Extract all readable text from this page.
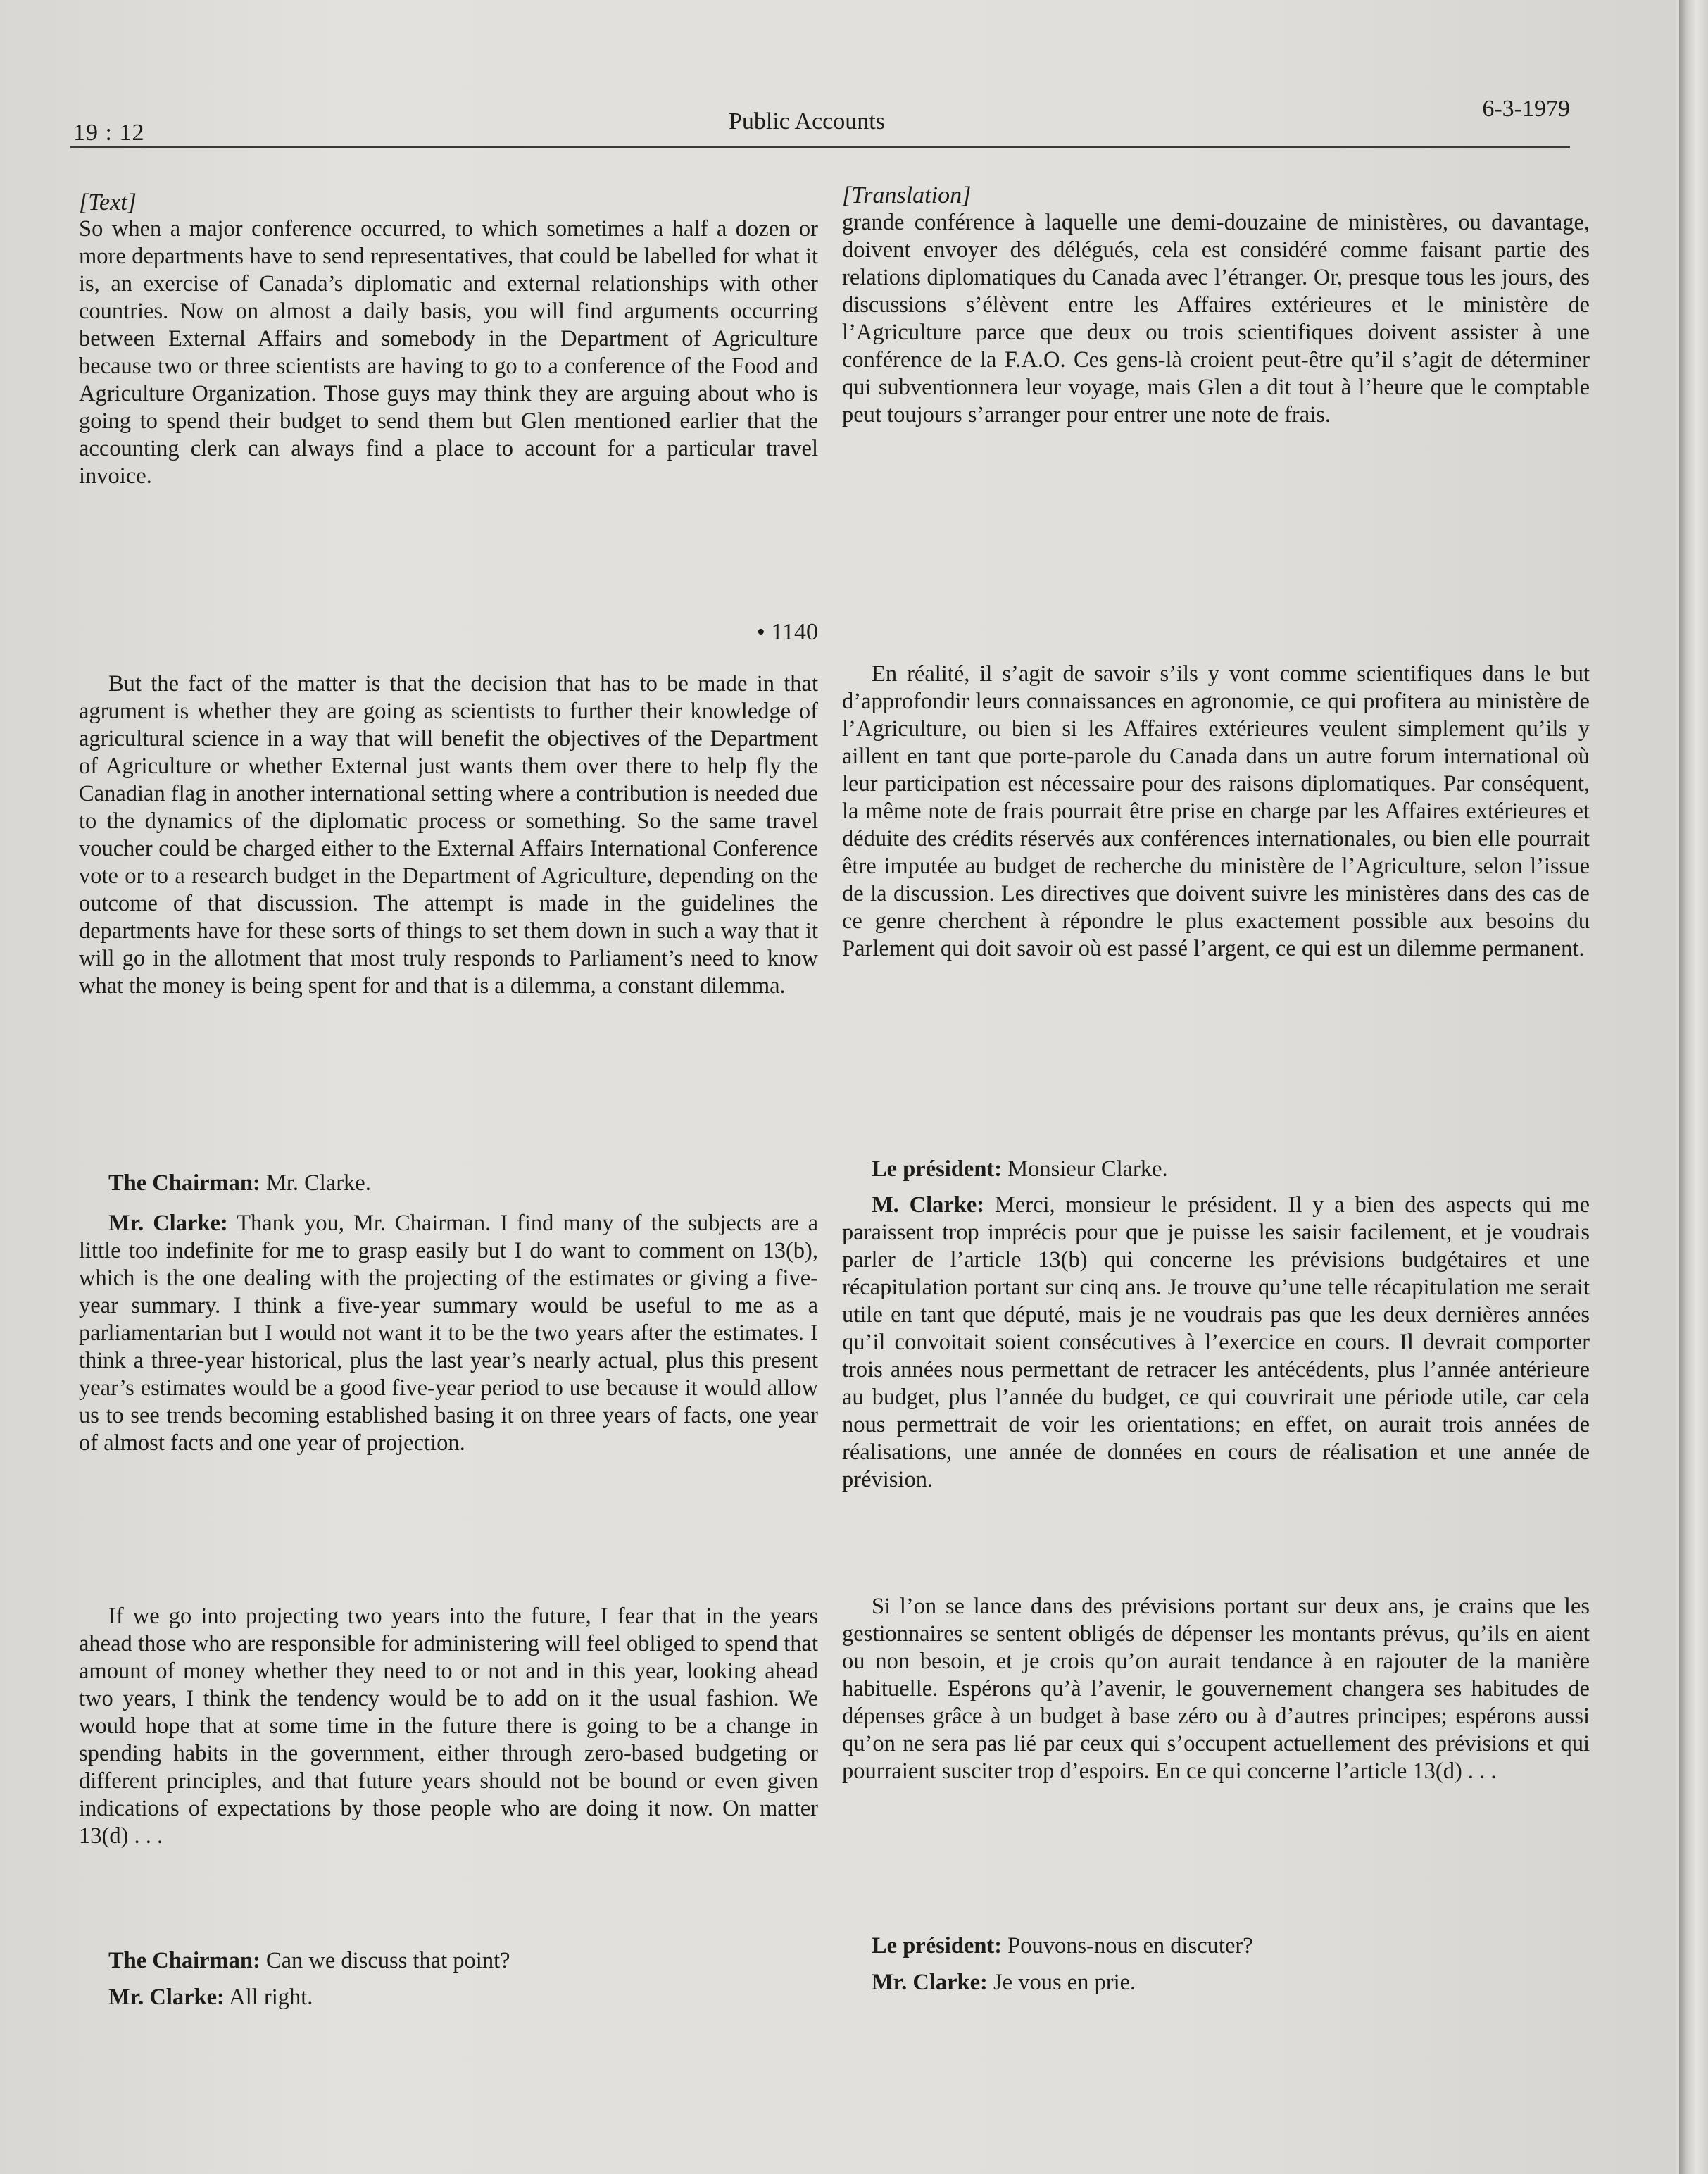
19 : 12	Public Accounts	6-3-1979

[Text]

So when a major conference occurred, to which sometimes a half a dozen or more departments have to send representatives, that could be labelled for what it is, an exercise of Canada’s diplomatic and external relationships with other countries. Now on almost a daily basis, you will find arguments occurring between External Affairs and somebody in the Department of Agriculture because two or three scientists are having to go to a conference of the Food and Agriculture Organization. Those guys may think they are arguing about who is going to spend their budget to send them but Glen mentioned earlier that the accounting clerk can always find a place to account for a particular travel invoice.

• 1140

But the fact of the matter is that the decision that has to be made in that agrument is whether they are going as scientists to further their knowledge of agricultural science in a way that will benefit the objectives of the Department of Agriculture or whether External just wants them over there to help fly the Canadian flag in another international setting where a contribution is needed due to the dynamics of the diplomatic process or something. So the same travel voucher could be charged either to the External Affairs International Conference vote or to a research budget in the Department of Agriculture, depending on the outcome of that discussion. The attempt is made in the guidelines the departments have for these sorts of things to set them down in such a way that it will go in the allotment that most truly responds to Parliament’s need to know what the money is being spent for and that is a dilemma, a constant dilemma.

The Chairman: Mr. Clarke.

Mr. Clarke: Thank you, Mr. Chairman. I find many of the subjects are a little too indefinite for me to grasp easily but I do want to comment on 13(b), which is the one dealing with the projecting of the estimates or giving a five-year summary. I think a five-year summary would be useful to me as a parliamentarian but I would not want it to be the two years after the estimates. I think a three-year historical, plus the last year’s nearly actual, plus this present year’s estimates would be a good five-year period to use because it would allow us to see trends becoming established basing it on three years of facts, one year of almost facts and one year of projection.

If we go into projecting two years into the future, I fear that in the years ahead those who are responsible for administering will feel obliged to spend that amount of money whether they need to or not and in this year, looking ahead two years, I think the tendency would be to add on it the usual fashion. We would hope that at some time in the future there is going to be a change in spending habits in the government, either through zero-based budgeting or different principles, and that future years should not be bound or even given indications of expectations by those people who are doing it now. On matter 13(d) . . .

The Chairman: Can we discuss that point?

Mr. Clarke: All right.

[Translation]

grande conférence à laquelle une demi-douzaine de ministères, ou davantage, doivent envoyer des délégués, cela est considéré comme faisant partie des relations diplomatiques du Canada avec l’étranger. Or, presque tous les jours, des discussions s’élèvent entre les Affaires extérieures et le ministère de l’Agriculture parce que deux ou trois scientifiques doivent assister à une conférence de la F.A.O. Ces gens-là croient peut-être qu’il s’agit de déterminer qui subventionnera leur voyage, mais Glen a dit tout à l’heure que le comptable peut toujours s’arranger pour entrer une note de frais.

En réalité, il s’agit de savoir s’ils y vont comme scientifiques dans le but d’approfondir leurs connaissances en agronomie, ce qui profitera au ministère de l’Agriculture, ou bien si les Affaires extérieures veulent simplement qu’ils y aillent en tant que porte-parole du Canada dans un autre forum international où leur participation est nécessaire pour des raisons diplomatiques. Par conséquent, la même note de frais pourrait être prise en charge par les Affaires extérieures et déduite des crédits réservés aux conférences internationales, ou bien elle pourrait être imputée au budget de recherche du ministère de l’Agriculture, selon l’issue de la discussion. Les directives que doivent suivre les ministères dans des cas de ce genre cherchent à répondre le plus exactement possible aux besoins du Parlement qui doit savoir où est passé l’argent, ce qui est un dilemme permanent.

Le président: Monsieur Clarke.

M. Clarke: Merci, monsieur le président. Il y a bien des aspects qui me paraissent trop imprécis pour que je puisse les saisir facilement, et je voudrais parler de l’article 13(b) qui concerne les prévisions budgétaires et une récapitulation portant sur cinq ans. Je trouve qu’une telle récapitulation me serait utile en tant que député, mais je ne voudrais pas que les deux dernières années qu’il convoitait soient consécutives à l’exercice en cours. Il devrait comporter trois années nous permettant de retracer les antécédents, plus l’année antérieure au budget, plus l’année du budget, ce qui couvrirait une période utile, car cela nous permettrait de voir les orientations; en effet, on aurait trois années de réalisations, une année de données en cours de réalisation et une année de prévision.

Si l’on se lance dans des prévisions portant sur deux ans, je crains que les gestionnaires se sentent obligés de dépenser les montants prévus, qu’ils en aient ou non besoin, et je crois qu’on aurait tendance à en rajouter de la manière habituelle. Espérons qu’à l’avenir, le gouvernement changera ses habitudes de dépenses grâce à un budget à base zéro ou à d’autres principes; espérons aussi qu’on ne sera pas lié par ceux qui s’occupent actuellement des prévisions et qui pourraient susciter trop d’espoirs. En ce qui concerne l’article 13(d) . . .

Le président: Pouvons-nous en discuter?

Mr. Clarke: Je vous en prie.
